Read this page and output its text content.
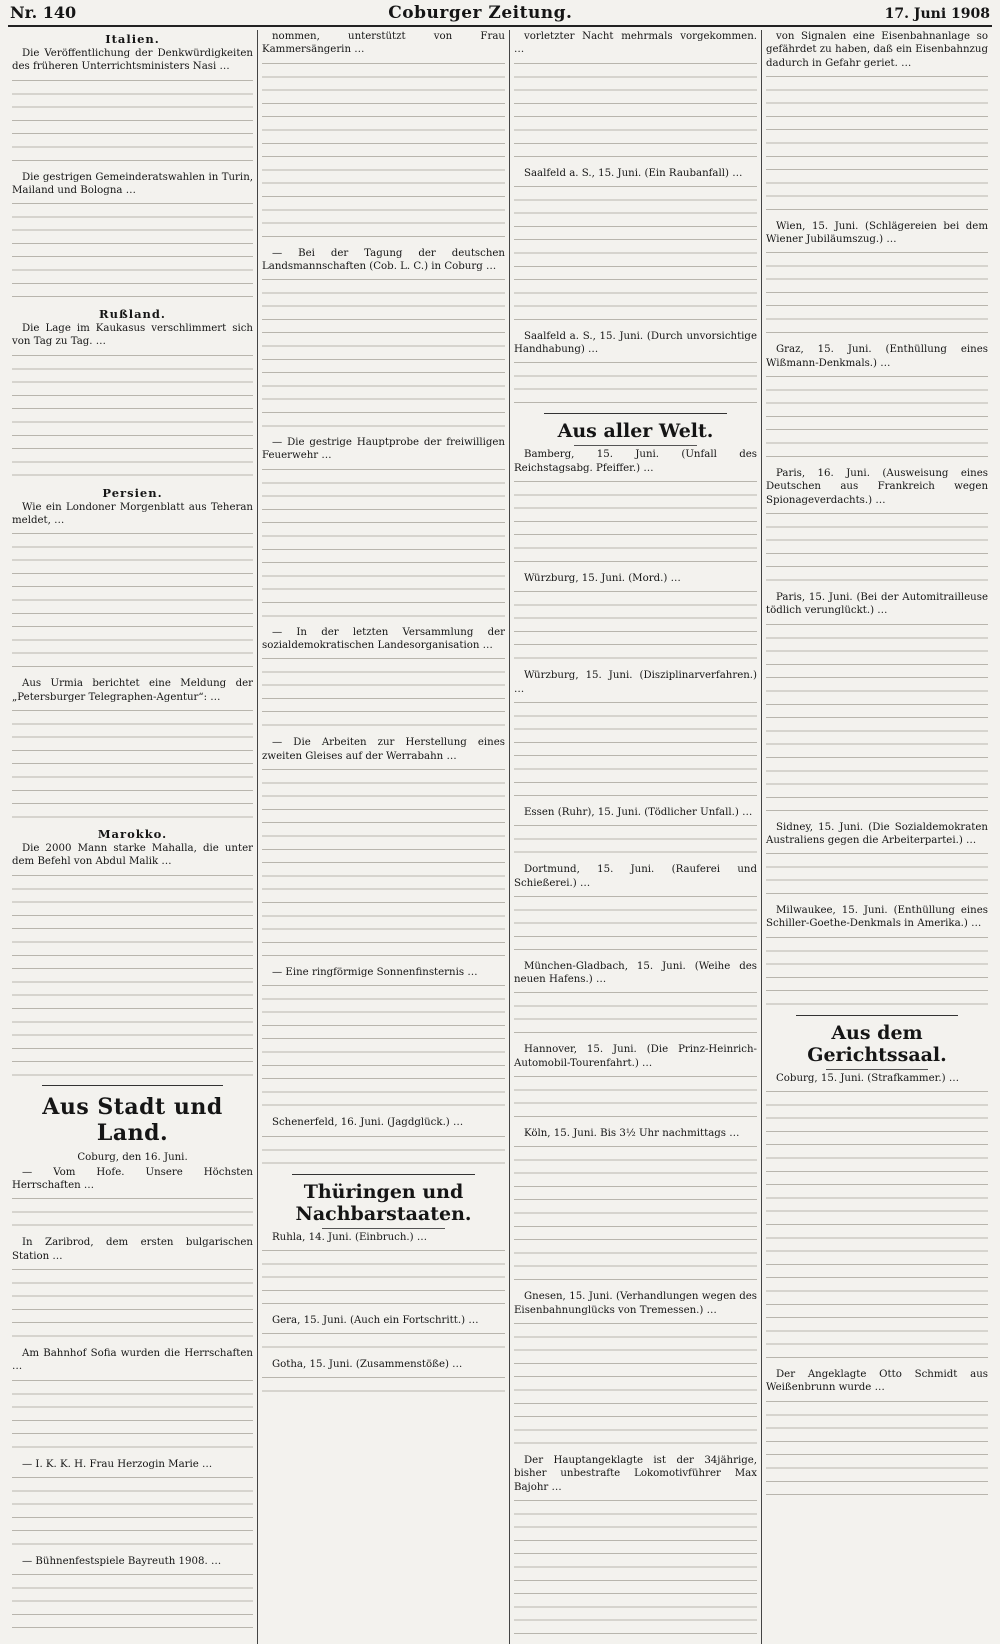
Nr. 140	Coburger Zeitung.	17. Juni 1908
Italien.

Die Veröffentlichung der Denkwürdigkeiten des früheren Unterrichtsministers Nasi …

Die gestrigen Gemeinderatswahlen in Turin, Mailand und Bologna …

Rußland.

Die Lage im Kaukasus verschlimmert sich von Tag zu Tag. …

Persien.

Wie ein Londoner Morgenblatt aus Teheran meldet, …

Aus Urmia berichtet eine Meldung der „Petersburger Telegraphen-Agentur“: …

Marokko.

Die 2000 Mann starke Mahalla, die unter dem Befehl von Abdul Malik …

Aus Stadt und Land.

Coburg, den 16. Juni.

— Vom Hofe. Unsere Höchsten Herrschaften …

In Zaribrod, dem ersten bulgarischen Station …

Am Bahnhof Sofia wurden die Herrschaften …

— I. K. K. H. Frau Herzogin Marie …

— Bühnenfestspiele Bayreuth 1908. …

nommen, unterstützt von Frau Kammersängerin …

— Bei der Tagung der deutschen Landsmannschaften (Cob. L. C.) in Coburg …

— Die gestrige Hauptprobe der freiwilligen Feuerwehr …

— In der letzten Versammlung der sozialdemokratischen Landesorganisation …

— Die Arbeiten zur Herstellung eines zweiten Gleises auf der Werrabahn …

— Eine ringförmige Sonnenfinsternis …

Schenerfeld, 16. Juni. (Jagdglück.) …

Thüringen und Nachbarstaaten.

Ruhla, 14. Juni. (Einbruch.) …

Gera, 15. Juni. (Auch ein Fortschritt.) …

Gotha, 15. Juni. (Zusammenstöße) …

vorletzter Nacht mehrmals vorgekommen. …

Saalfeld a. S., 15. Juni. (Ein Raubanfall) …

Saalfeld a. S., 15. Juni. (Durch unvorsichtige Handhabung) …

Aus aller Welt.

Bamberg, 15. Juni. (Unfall des Reichstagsabg. Pfeiffer.) …

Würzburg, 15. Juni. (Mord.) …

Würzburg, 15. Juni. (Disziplinarverfahren.) …

Essen (Ruhr), 15. Juni. (Tödlicher Unfall.) …

Dortmund, 15. Juni. (Rauferei und Schießerei.) …

München-Gladbach, 15. Juni. (Weihe des neuen Hafens.) …

Hannover, 15. Juni. (Die Prinz-Heinrich-Automobil-Tourenfahrt.) …

Köln, 15. Juni. Bis 3½ Uhr nachmittags …

Gnesen, 15. Juni. (Verhandlungen wegen des Eisenbahnunglücks von Tremessen.) …

Der Hauptangeklagte ist der 34jährige, bisher unbestrafte Lokomotivführer Max Bajohr …

von Signalen eine Eisenbahnanlage so gefährdet zu haben, daß ein Eisenbahnzug dadurch in Gefahr geriet. …

Wien, 15. Juni. (Schlägereien bei dem Wiener Jubiläumszug.) …

Graz, 15. Juni. (Enthüllung eines Wißmann-Denkmals.) …

Paris, 16. Juni. (Ausweisung eines Deutschen aus Frankreich wegen Spionageverdachts.) …

Paris, 15. Juni. (Bei der Automitrailleuse tödlich verunglückt.) …

Sidney, 15. Juni. (Die Sozialdemokraten Australiens gegen die Arbeiterpartei.) …

Milwaukee, 15. Juni. (Enthüllung eines Schiller-Goethe-Denkmals in Amerika.) …

Aus dem Gerichtssaal.

Coburg, 15. Juni. (Strafkammer.) …

Der Angeklagte Otto Schmidt aus Weißenbrunn wurde …
